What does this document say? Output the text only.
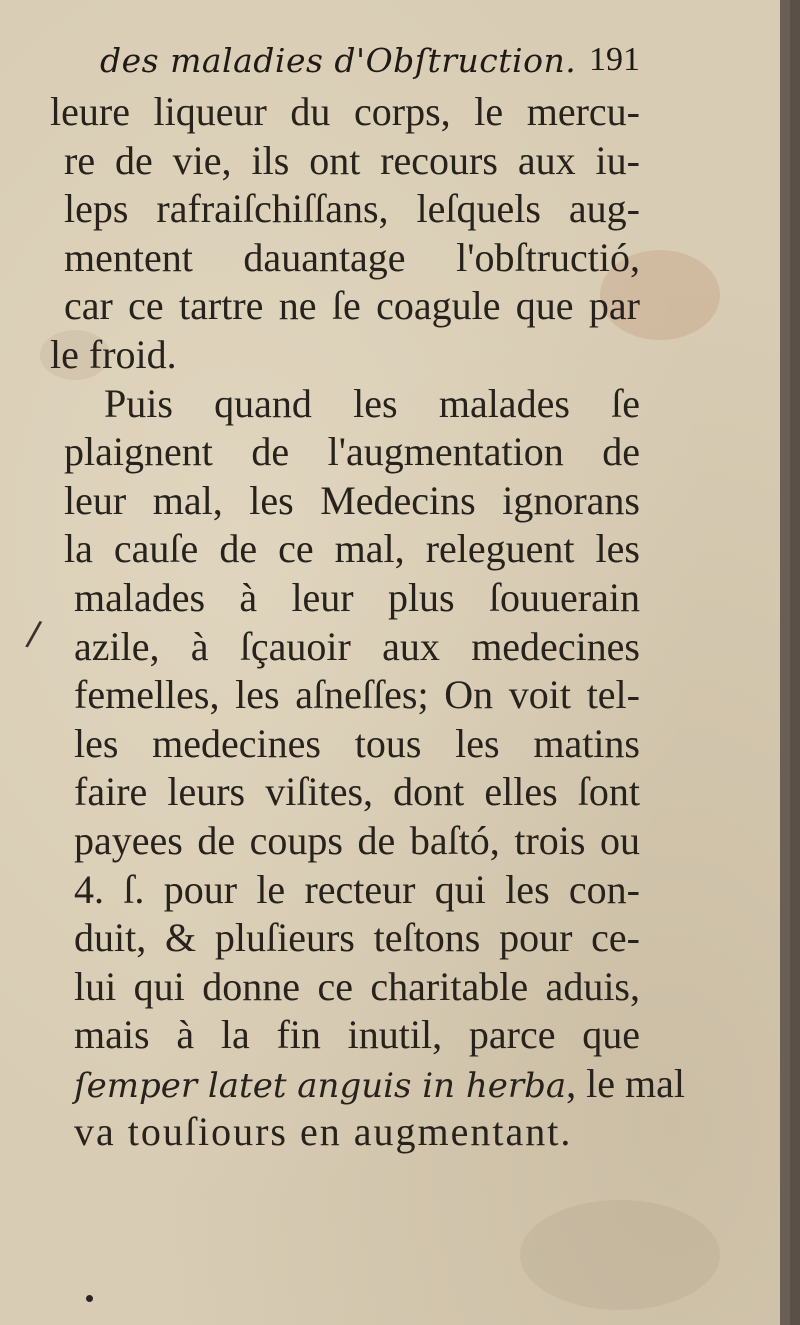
des maladies d'Obſtruction. 191
leure liqueur du corps, le mercu-
re de vie, ils ont recours aux iu-
leps rafraiſchiſſans, leſquels aug-
mentent dauantage l'obſtructió,
car ce tartre ne ſe coagule que par
le froid.
Puis quand les malades ſe
plaignent de l'augmentation de
leur mal, les Medecins ignorans
la cauſe de ce mal, releguent les
malades à leur plus ſouuerain
azile, à ſçauoir aux medecines
femelles, les aſneſſes; On voit tel-
les medecines tous les matins
faire leurs viſites, dont elles ſont
payees de coups de baſtó, trois ou
4. ſ. pour le recteur qui les con-
duit, & pluſieurs teſtons pour ce-
lui qui donne ce charitable aduis,
mais à la fin inutil, parce que
ſemper latet anguis in herba, le mal
va touſiours en augmentant.
/
